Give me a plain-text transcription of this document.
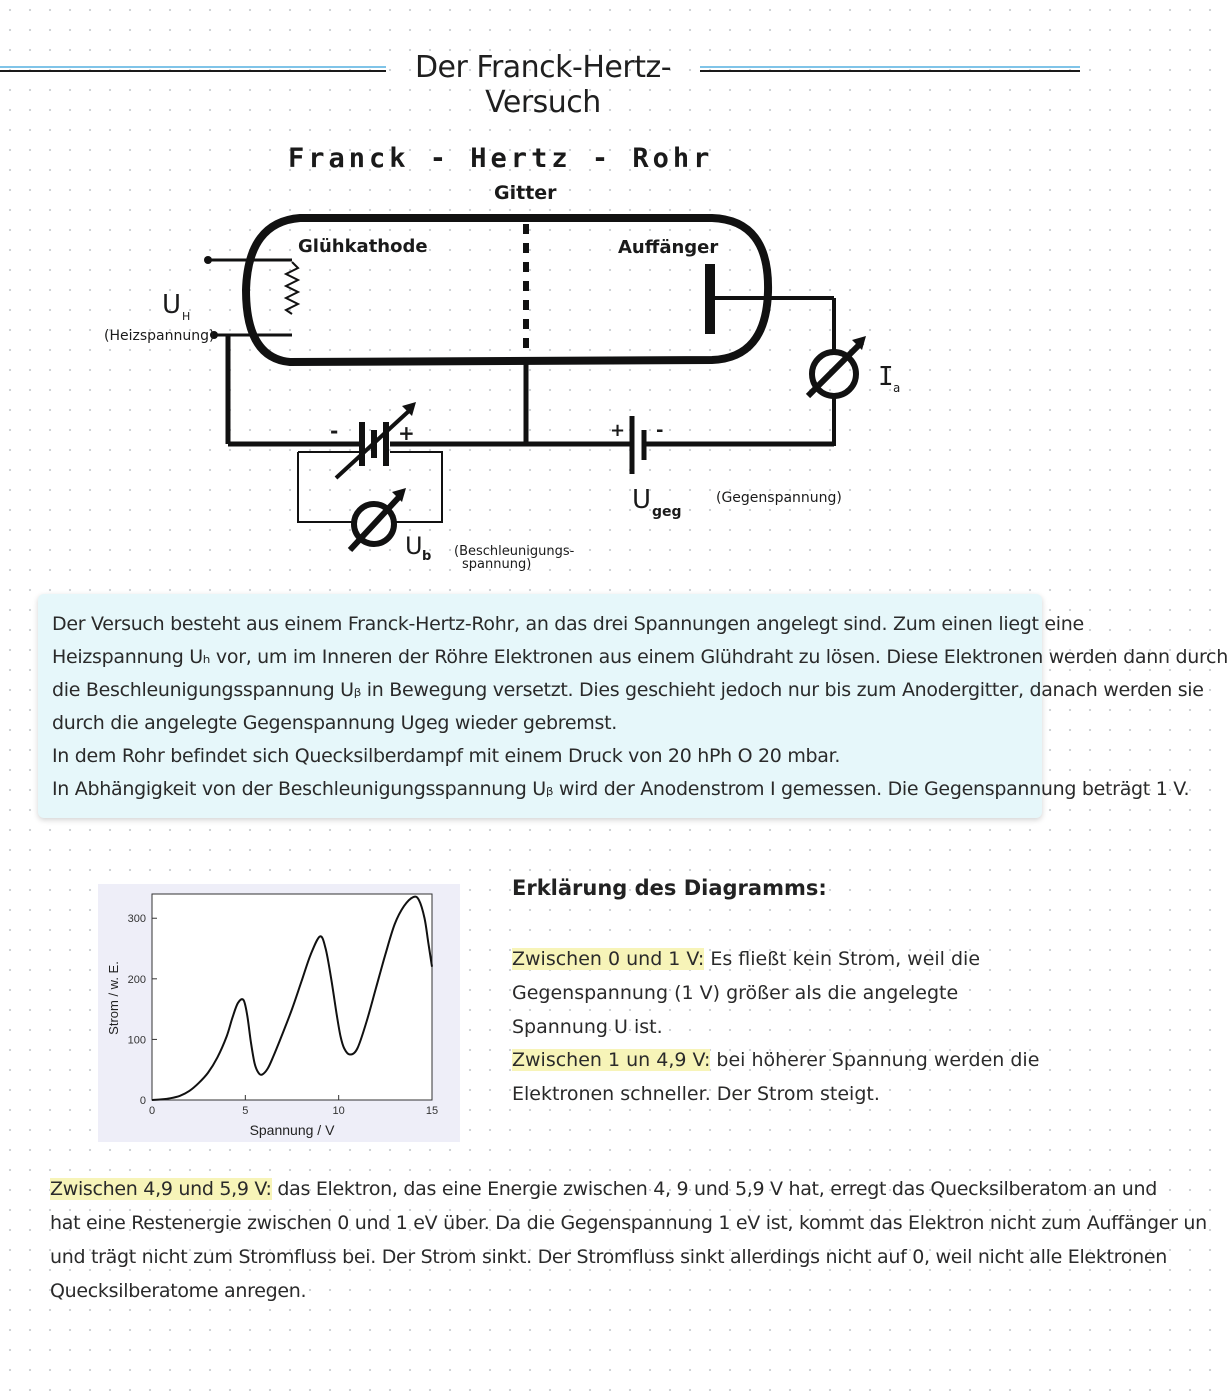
Der Franck-Hertz-Versuch
Franck - Hertz - Rohr
Gitter
Glühkathode	Auffänger
U H
(Heizspannung)
I a
-	+
U b (Beschleunigungs-
spannung)
+ -
U geg
(Gegenspannung)

Der Versuch besteht aus einem Franck-Hertz-Rohr, an das drei Spannungen angelegt sind. Zum einen liegt eine

Heizspannung Uₕ vor, um im Inneren der Röhre Elektronen aus einem Glühdraht zu lösen. Diese Elektronen werden dann durch

die Beschleunigungsspannung Uᵦ in Bewegung versetzt. Dies geschieht jedoch nur bis zum Anodergitter, danach werden sie

durch die angelegte Gegenspannung Ugeg wieder gebremst.

In dem Rohr befindet sich Quecksilberdampf mit einem Druck von 20 hPh O 20 mbar.

In Abhängigkeit von der Beschleunigungsspannung Uᵦ wird der Anodenstrom I gemessen. Die Gegenspannung beträgt 1 V.

0	5	10	15
0
100
200
300
Spannung / V
Strom / w. E.
Erklärung des Diagramms:
Zwischen 0 und 1 V: Es fließt kein Strom, weil die
Gegenspannung (1 V) größer als die angelegte Spannung U ist.
Zwischen 1 un 4,9 V: bei höherer Spannung werden die
Elektronen schneller. Der Strom steigt.
Zwischen 4,9 und 5,9 V: das Elektron, das eine Energie zwischen 4, 9 und 5,9 V hat, erregt das Quecksilberatom an und
hat eine Restenergie zwischen 0 und 1 eV über. Da die Gegenspannung 1 eV ist, kommt das Elektron nicht zum Auffänger un
und trägt nicht zum Stromfluss bei. Der Strom sinkt. Der Stromfluss sinkt allerdings nicht auf 0, weil nicht alle Elektronen
Quecksilberatome anregen.
